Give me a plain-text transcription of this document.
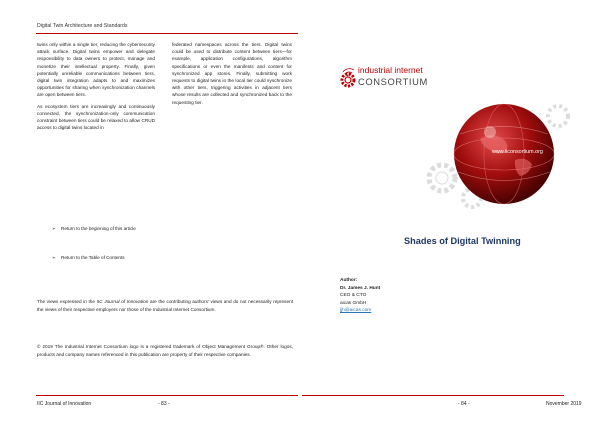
Digital Twin Architecture and Standards

twins only within a single tier, reducing the cybersecurity attack surface. Digital twins empower and delegate responsibility to data owners to protect, manage and monetize their intellectual property. Finally, given potentially unreliable communications between tiers, digital twin integration adapts to and maximizes opportunities for sharing when synchronization channels are open between tiers.

As ecosystem tiers are increasingly and continuously connected, the synchronization-only communication constraint between tiers could be relaxed to allow CRUD access to digital twins located in

federated namespaces across the tiers. Digital twins could be used to distribute content between tiers—for example, application configurations, algorithm specifications or even the manifests and content for synchronized app stores. Finally, submitting work requests to digital twins in the local tier could synchronize with other tiers, triggering activities in adjacent tiers whose results are collected and synchronized back to the requesting tier.

➢	Return to the beginning of this article
➢	Return to the Table of Contents
The views expressed in the IIC Journal of Innovation are the contributing authors' views and do not necessarily represent the views of their respective employers nor those of the Industrial Internet Consortium.
© 2019 The Industrial Internet Consortium logo is a registered trademark of Object Management Group®. Other logos, products and company names referenced in this publication are property of their respective companies.
IIC Journal of Innovation	- 83 -	- 84 -	November 2019
industrial internet
CONSORTIUM
www.iiconsortium.org
Shades of Digital Twinning
Author:
Dr. James J. Hunt
CEO & CTO
aicas GmbH
jjh@aicas.com
